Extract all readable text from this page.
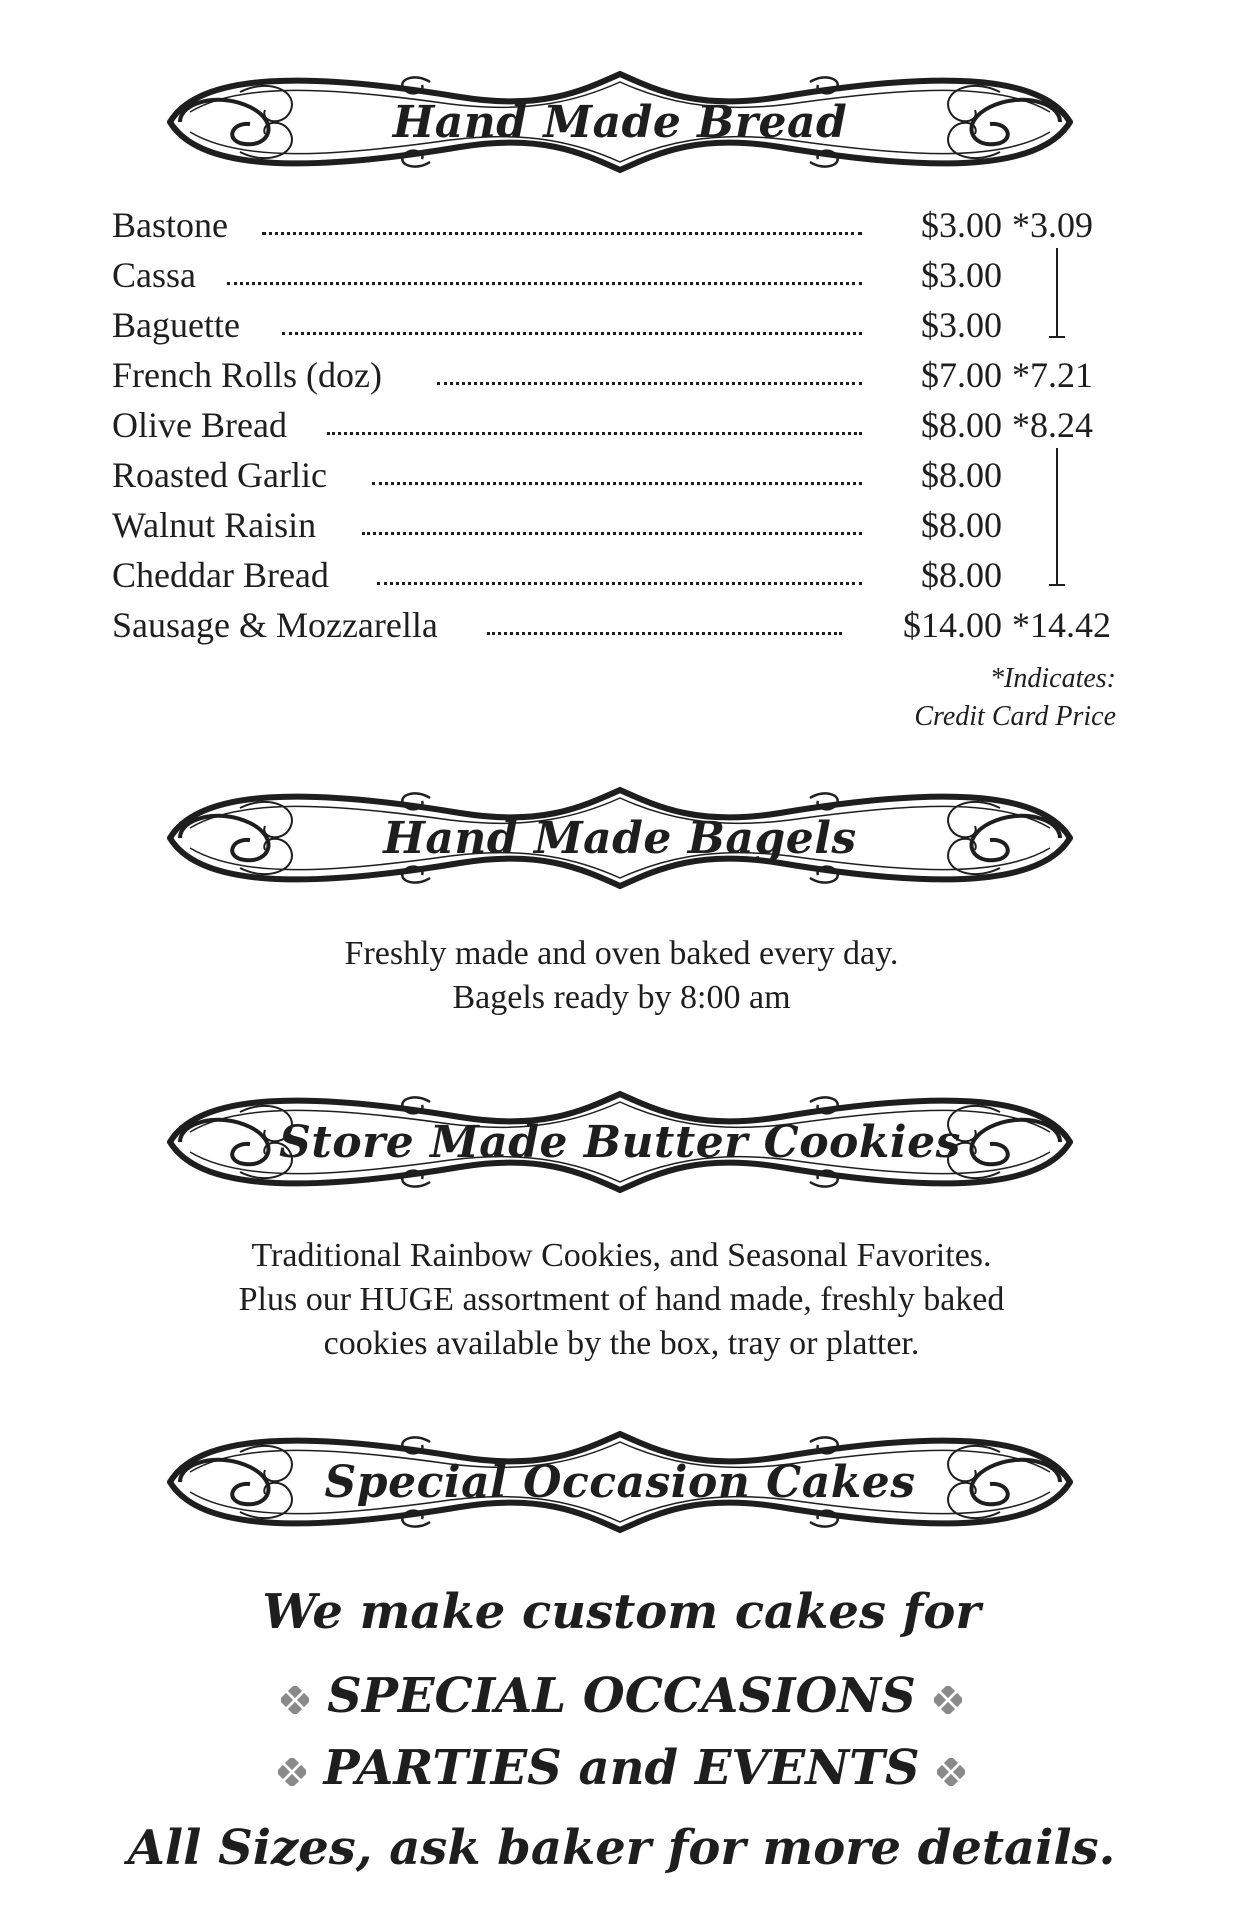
Hand Made Bread
Bastone	$3.00 *3.09
Cassa	$3.00
Baguette	$3.00
French Rolls (doz)	$7.00 *7.21
Olive Bread	$8.00 *8.24
Roasted Garlic	$8.00
Walnut Raisin	$8.00
Cheddar Bread	$8.00
Sausage & Mozzarella	$14.00 *14.42
*Indicates:
Credit Card Price
Hand Made Bagels
Freshly made and oven baked every day.
Bagels ready by 8:00 am
Store Made Butter Cookies
Traditional Rainbow Cookies, and Seasonal Favorites.
Plus our HUGE assortment of hand made, freshly baked
cookies available by the box, tray or platter.
Special Occasion Cakes
We make custom cakes for
SPECIAL OCCASIONS
PARTIES and EVENTS
All Sizes, ask baker for more details.
